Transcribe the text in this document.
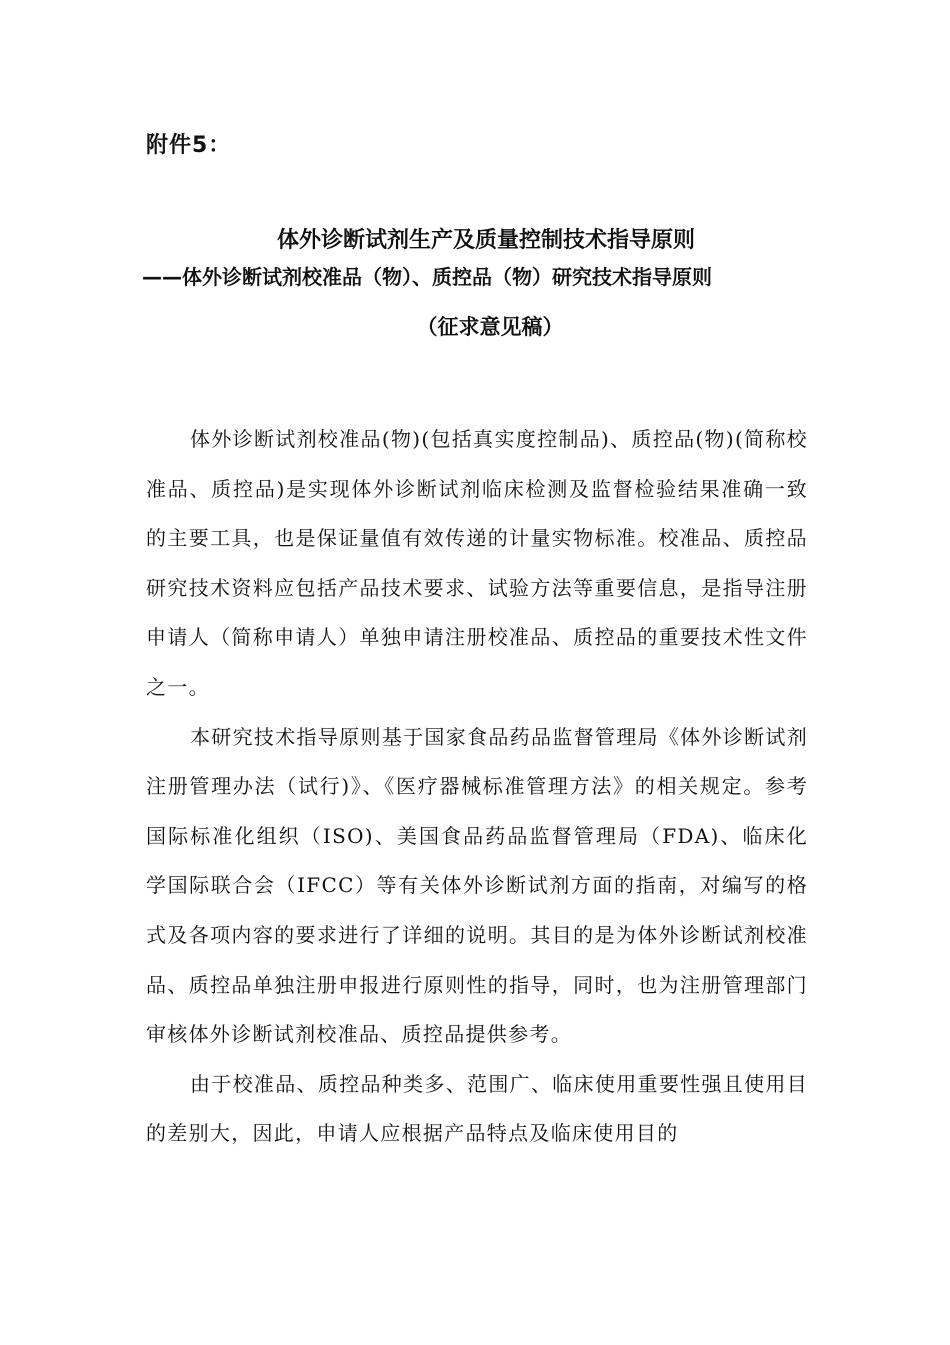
附件5：
体外诊断试剂生产及质量控制技术指导原则
——体外诊断试剂校准品（物）、质控品（物）研究技术指导原则
（征求意见稿）

体外诊断试剂校准品(物)(包括真实度控制品)、质控品(物)(简称校准品、质控品)是实现体外诊断试剂临床检测及监督检验结果准确一致的主要工具，也是保证量值有效传递的计量实物标准。校准品、质控品研究技术资料应包括产品技术要求、试验方法等重要信息，是指导注册申请人（简称申请人）单独申请注册校准品、质控品的重要技术性文件之一。

本研究技术指导原则基于国家食品药品监督管理局《体外诊断试剂注册管理办法（试行)》、《医疗器械标准管理方法》的相关规定。参考国际标准化组织（ISO)、美国食品药品监督管理局（FDA)、临床化学国际联合会（IFCC）等有关体外诊断试剂方面的指南，对编写的格式及各项内容的要求进行了详细的说明。其目的是为体外诊断试剂校准品、质控品单独注册申报进行原则性的指导，同时，也为注册管理部门审核体外诊断试剂校准品、质控品提供参考。

由于校准品、质控品种类多、范围广、临床使用重要性强且使用目的差别大，因此，申请人应根据产品特点及临床使用目的
